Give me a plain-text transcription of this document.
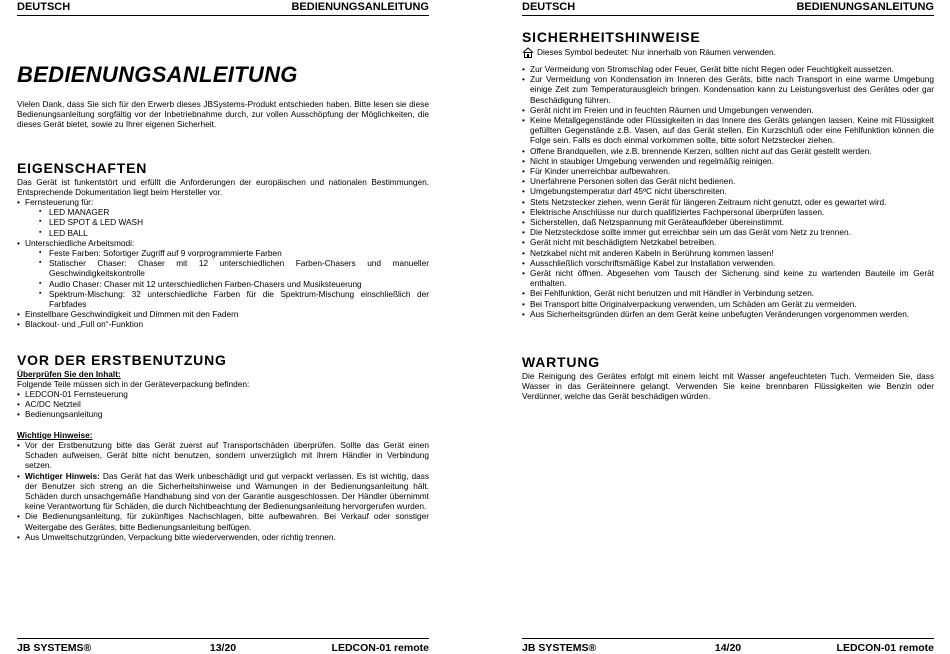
DEUTSCH	BEDIENUNGSANLEITUNG
BEDIENUNGSANLEITUNG

Vielen Dank, dass Sie sich für den Erwerb dieses JBSystems-Produkt entschieden haben. Bitte lesen sie diese Bedienungsanleitung sorgfältig vor der Inbetriebnahme durch, zur vollen Ausschöpfung der Möglichkeiten, die dieses Gerät bietet, sowie zu Ihrer eigenen Sicherheit.

EIGENSCHAFTEN

Das Gerät ist funkentstört und erfüllt die Anforderungen der europäischen und nationalen Bestimmungen. Entsprechende Dokumentation liegt beim Hersteller vor.

• Fernsteuerung für:
▪ LED MANAGER
▪ LED SPOT & LED WASH
▪ LED BALL
• Unterschiedliche Arbeitsmodi:
▪ Feste Farben: Sofortiger Zugriff auf 9 vorprogrammierte Farben
▪ Statischer Chaser: Chaser mit 12 unterschiedlichen Farben-Chasers und manueller Geschwindigkeitskontrolle
▪ Audio Chaser: Chaser mit 12 unterschiedlichen Farben-Chasers und Musiksteuerung
▪ Spektrum-Mischung: 32 unterschiedliche Farben für die Spektrum-Mischung einschließlich der Farbfades
• Einstellbare Geschwindigkeit und Dimmen mit den Fadern
• Blackout- und „Full on“-Funktion
VOR DER ERSTBENUTZUNG

Überprüfen Sie den Inhalt:

Folgende Teile müssen sich in der Geräteverpackung befinden:

• LEDCON-01 Fernsteuerung
• AC/DC Netzteil
• Bedienungsanleitung

Wichtige Hinweise:

• Vor der Erstbenutzung bitte das Gerät zuerst auf Transportschäden überprüfen. Sollte das Gerät einen Schaden aufweisen, Gerät bitte nicht benutzen, sondern unverzüglich mit ihrem Händler in Verbindung setzen.
• Wichtiger Hinweis: Das Gerät hat das Werk unbeschädigt und gut verpackt verlassen. Es ist wichtig, dass der Benutzer sich streng an die Sicherheitshinweise und Warnungen in der Bedienungsanleitung hält. Schäden durch unsachgemäße Handhabung sind von der Garantie ausgeschlossen. Der Händler übernimmt keine Verantwortung für Schäden, die durch Nichtbeachtung der Bedienungsanleitung hervorgerufen wurden.
• Die Bedienungsanleitung, für zukünftiges Nachschlagen, bitte aufbewahren. Bei Verkauf oder sonstiger Weitergabe des Gerätes, bitte Bedienungsanleitung beifügen.
• Aus Umweltschutzgründen, Verpackung bitte wiederverwenden, oder richtig trennen.
JB SYSTEMS®	13/20	LEDCON-01 remote
DEUTSCH	BEDIENUNGSANLEITUNG
SICHERHEITSHINWEISE
Dieses Symbol bedeutet: Nur innerhalb von Räumen verwenden.
• Zur Vermeidung von Stromschlag oder Feuer, Gerät bitte nicht Regen oder Feuchtigkeit aussetzen.
• Zur Vermeidung von Kondensation im Inneren des Geräts, bitte nach Transport in eine warme Umgebung einige Zeit zum Temperaturausgleich bringen. Kondensation kann zu Leistungsverlust des Gerätes oder gar Beschädigung führen.
• Gerät nicht im Freien und in feuchten Räumen und Umgebungen verwenden.
• Keine Metallgegenstände oder Flüssigkeiten in das Innere des Geräts gelangen lassen. Keine mit Flüssigkeit gefüllten Gegenstände z.B. Vasen, auf das Gerät stellen. Ein Kurzschluß oder eine Fehlfunktion können die Folge sein. Falls es doch einmal vorkommen sollte, bitte sofort Netzstecker ziehen.
• Offene Brandquellen, wie z.B. brennende Kerzen, sollten nicht auf das Gerät gestellt werden.
• Nicht in staubiger Umgebung verwenden und regelmäßig reinigen.
• Für Kinder unerreichbar aufbewahren.
• Unerfahrene Personen sollen das Gerät nicht bedienen.
• Umgebungstemperatur darf 45ºC nicht überschreiten.
• Stets Netzstecker ziehen, wenn Gerät für längeren Zeitraum nicht genutzt, oder es gewartet wird.
• Elektrische Anschlüsse nur durch qualifiziertes Fachpersonal überprüfen lassen.
• Sicherstellen, daß Netzspannung mit Geräteaufkleber übereinstimmt.
• Die Netzsteckdose sollte immer gut erreichbar sein um das Gerät vom Netz zu trennen.
• Gerät nicht mit beschädigtem Netzkabel betreiben.
• Netzkabel nicht mit anderen Kabeln in Berührung kommen lassen!
• Ausschließlich vorschriftsmäßige Kabel zur Installation verwenden.
• Gerät nicht öffnen. Abgesehen vom Tausch der Sicherung sind keine zu wartenden Bauteile im Gerät enthalten.
• Bei Fehlfunktion, Gerät nicht benutzen und mit Händler in Verbindung setzen.
• Bei Transport bitte Originalverpackung verwenden, um Schäden am Gerät zu vermeiden.
• Aus Sicherheitsgründen dürfen an dem Gerät keine unbefugten Veränderungen vorgenommen werden.
WARTUNG

Die Reinigung des Gerätes erfolgt mit einem leicht mit Wasser angefeuchteten Tuch. Vermeiden Sie, dass Wasser in das Geräteinnere gelangt. Verwenden Sie keine brennbaren Flüssigkeiten wie Benzin oder Verdünner, welche das Gerät beschädigen würden.

JB SYSTEMS®	14/20	LEDCON-01 remote
